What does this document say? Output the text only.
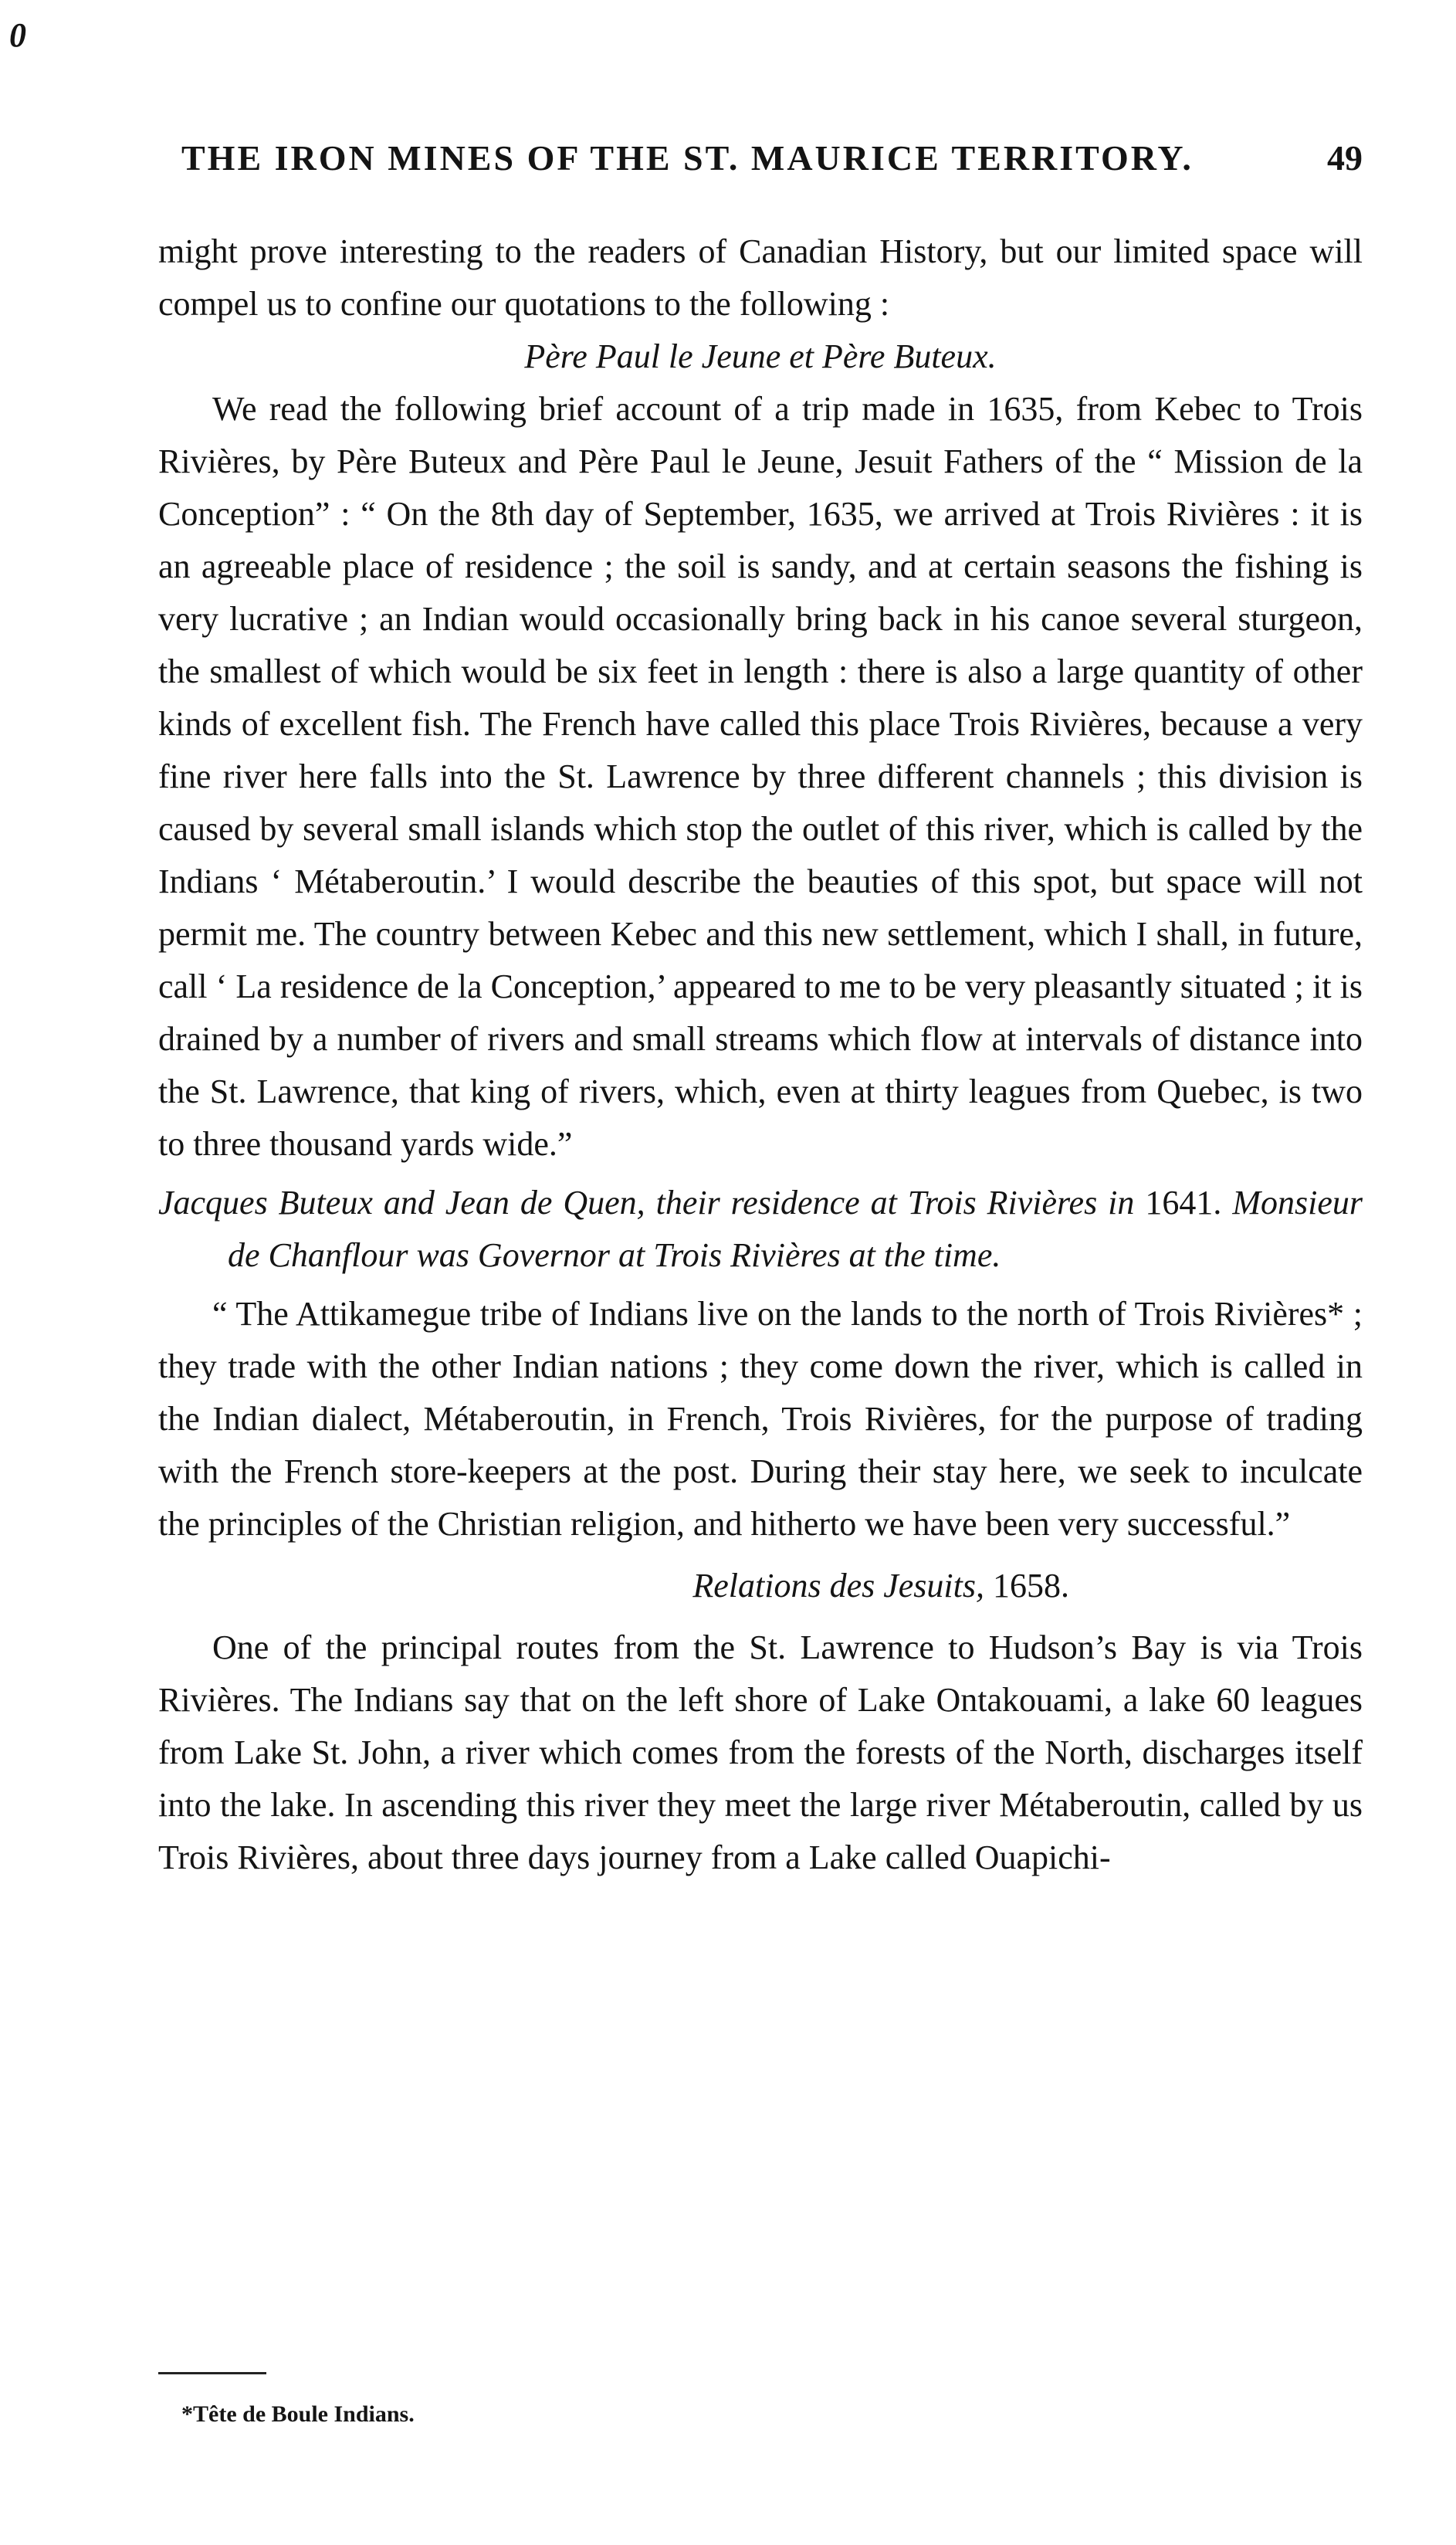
0
THE IRON MINES OF THE ST. MAURICE TERRITORY.	49

might prove interesting to the readers of Canadian History, but our limited space will compel us to confine our quotations to the following :

Père Paul le Jeune et Père Buteux.

We read the following brief account of a trip made in 1635, from Kebec to Trois Rivières, by Père Buteux and Père Paul le Jeune, Jesuit Fathers of the “ Mission de la Conception” : “ On the 8th day of September, 1635, we arrived at Trois Rivières : it is an agreeable place of residence ; the soil is sandy, and at certain seasons the fishing is very lucrative ; an Indian would occasionally bring back in his canoe several sturgeon, the smallest of which would be six feet in length : there is also a large quantity of other kinds of excellent fish. The French have called this place Trois Rivières, because a very fine river here falls into the St. Lawrence by three different channels ; this division is caused by several small islands which stop the outlet of this river, which is called by the Indians ‘ Métaberoutin.’ I would describe the beauties of this spot, but space will not permit me. The country between Kebec and this new settlement, which I shall, in future, call ‘ La residence de la Conception,’ appeared to me to be very pleasantly situated ; it is drained by a number of rivers and small streams which flow at intervals of distance into the St. Lawrence, that king of rivers, which, even at thirty leagues from Quebec, is two to three thousand yards wide.”

Jacques Buteux and Jean de Quen, their residence at Trois Rivières in 1641. Monsieur de Chanflour was Governor at Trois Rivières at the time.

“ The Attikamegue tribe of Indians live on the lands to the north of Trois Rivières* ; they trade with the other Indian nations ; they come down the river, which is called in the Indian dialect, Métaberoutin, in French, Trois Rivières, for the purpose of trading with the French store-keepers at the post. During their stay here, we seek to inculcate the principles of the Christian religion, and hitherto we have been very successful.”

Relations des Jesuits, 1658.

One of the principal routes from the St. Lawrence to Hudson’s Bay is via Trois Rivières. The Indians say that on the left shore of Lake Ontakouami, a lake 60 leagues from Lake St. John, a river which comes from the forests of the North, discharges itself into the lake. In ascending this river they meet the large river Métaberoutin, called by us Trois Rivières, about three days journey from a Lake called Ouapichi-

*Tête de Boule Indians.
